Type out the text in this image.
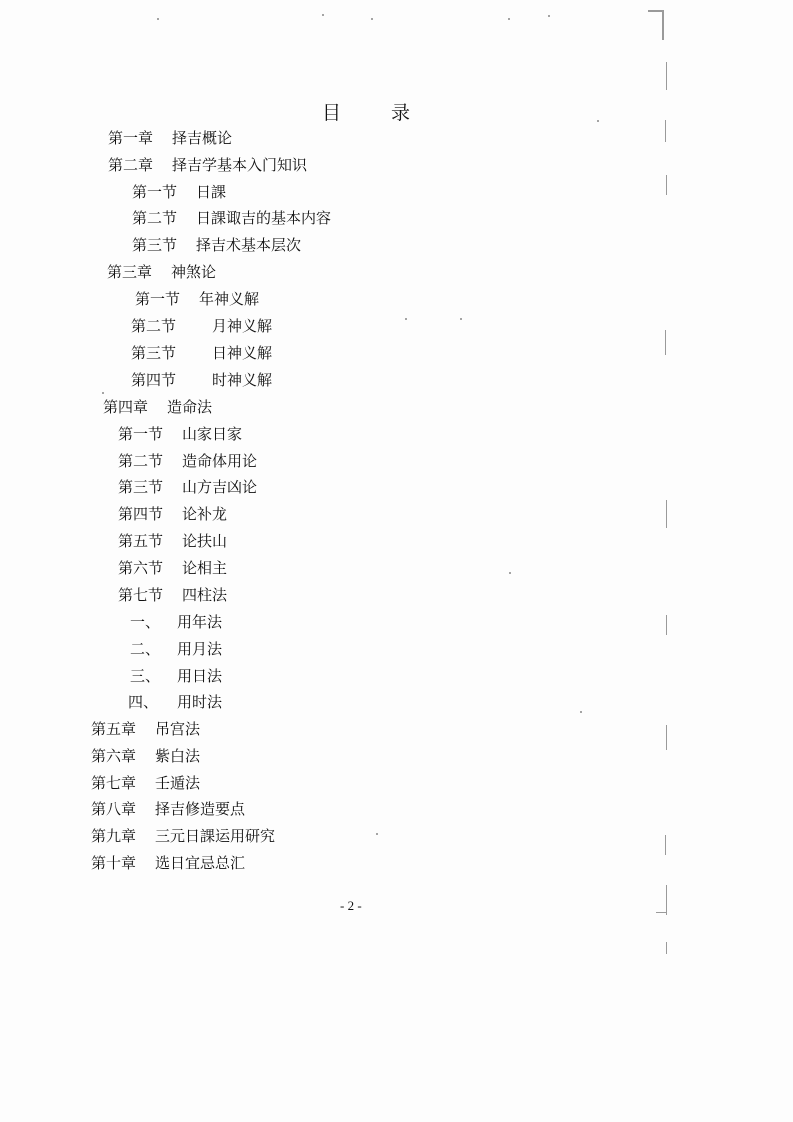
目 录
第一章 择吉概论
第二章 择吉学基本入门知识
第一节 日課
第二节 日課诹吉的基本内容
第三节 择吉术基本层次
第三章 神煞论
第一节 年神义解
第二节 月神义解
第三节 日神义解
第四节 时神义解
第四章 造命法
第一节 山家日家
第二节 造命体用论
第三节 山方吉凶论
第四节 论补龙
第五节 论扶山
第六节 论相主
第七节 四柱法
一、 用年法
二、 用月法
三、 用日法
四、 用时法
第五章 吊宫法
第六章 紫白法
第七章 壬遁法
第八章 择吉修造要点
第九章 三元日課运用研究
第十章 选日宜忌总汇
- 2 -
